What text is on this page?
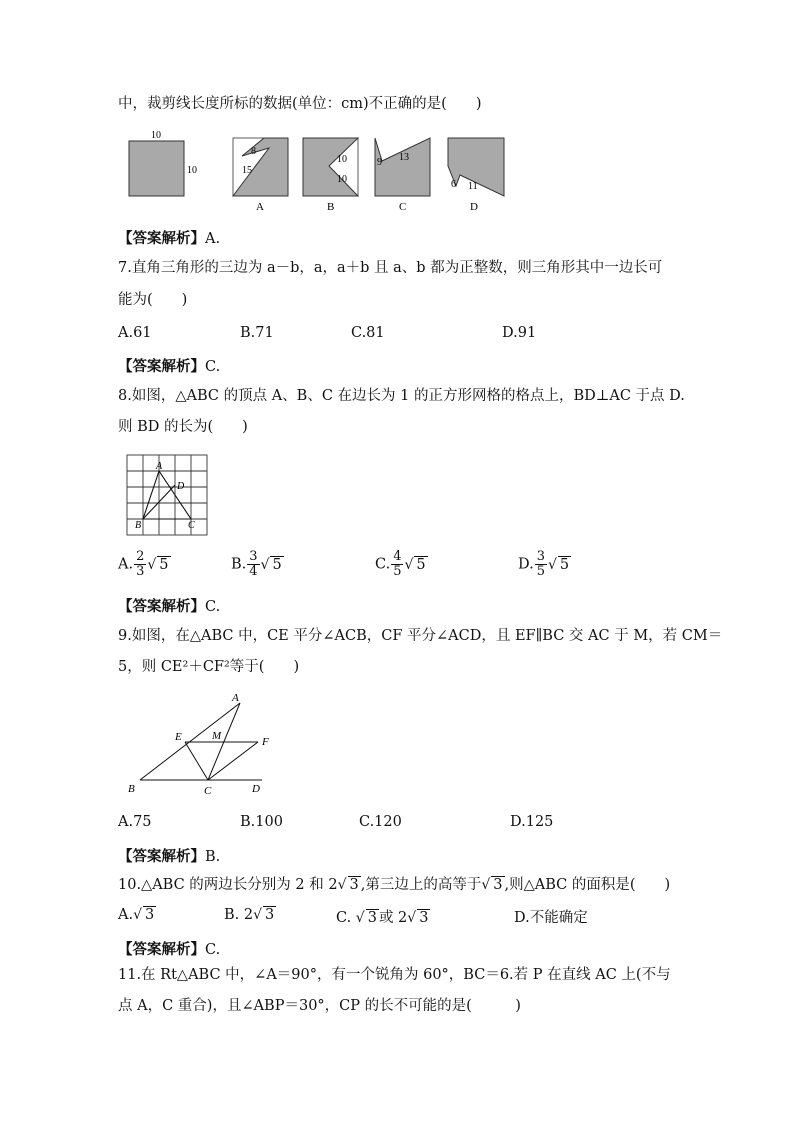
中，裁剪线长度所标的数据(单位：cm)不正确的是(　　)
10
10
8
15
A
10
10
B
9 13
C
6 11
D
【答案解析】A.
7.直角三角形的三边为 a－b，a，a＋b 且 a、b 都为正整数，则三角形其中一边长可
能为(　　)
A.61	B.71	C.81	D.91
【答案解析】C.
8.如图，△ABC 的顶点 A、B、C 在边长为 1 的正方形网格的格点上，BD⊥AC 于点 D.
则 BD 的长为(　　)
A
D
B	C
A. $\frac{2}{3}$ √ 5	B. $\frac{3}{4}$ √ 5	C. $\frac{4}{5}$ √ 5	D. $\frac{3}{5}$ √ 5
【答案解析】C.
9.如图，在△ABC 中，CE 平分∠ACB，CF 平分∠ACD，且 EF∥BC 交 AC 于 M，若 CM＝
5，则 CE²＋CF²等于(　　)
A
E	M	F
B	C	D
A.75	B.100	C.120	D.125
【答案解析】B.
10.△ABC 的两边长分别为 2 和 2√ 3 ,第三边上的高等于√ 3 ,则△ABC 的面积是(　　)
A.√ 3	B. 2√ 3	C. √ 3 或 2√ 3	D.不能确定
【答案解析】C.
11.在 Rt△ABC 中，∠A＝90°，有一个锐角为 60°，BC＝6.若 P 在直线 AC 上(不与
点 A，C 重合)，且∠ABP＝30°，CP 的长不可能的是(　　　)
